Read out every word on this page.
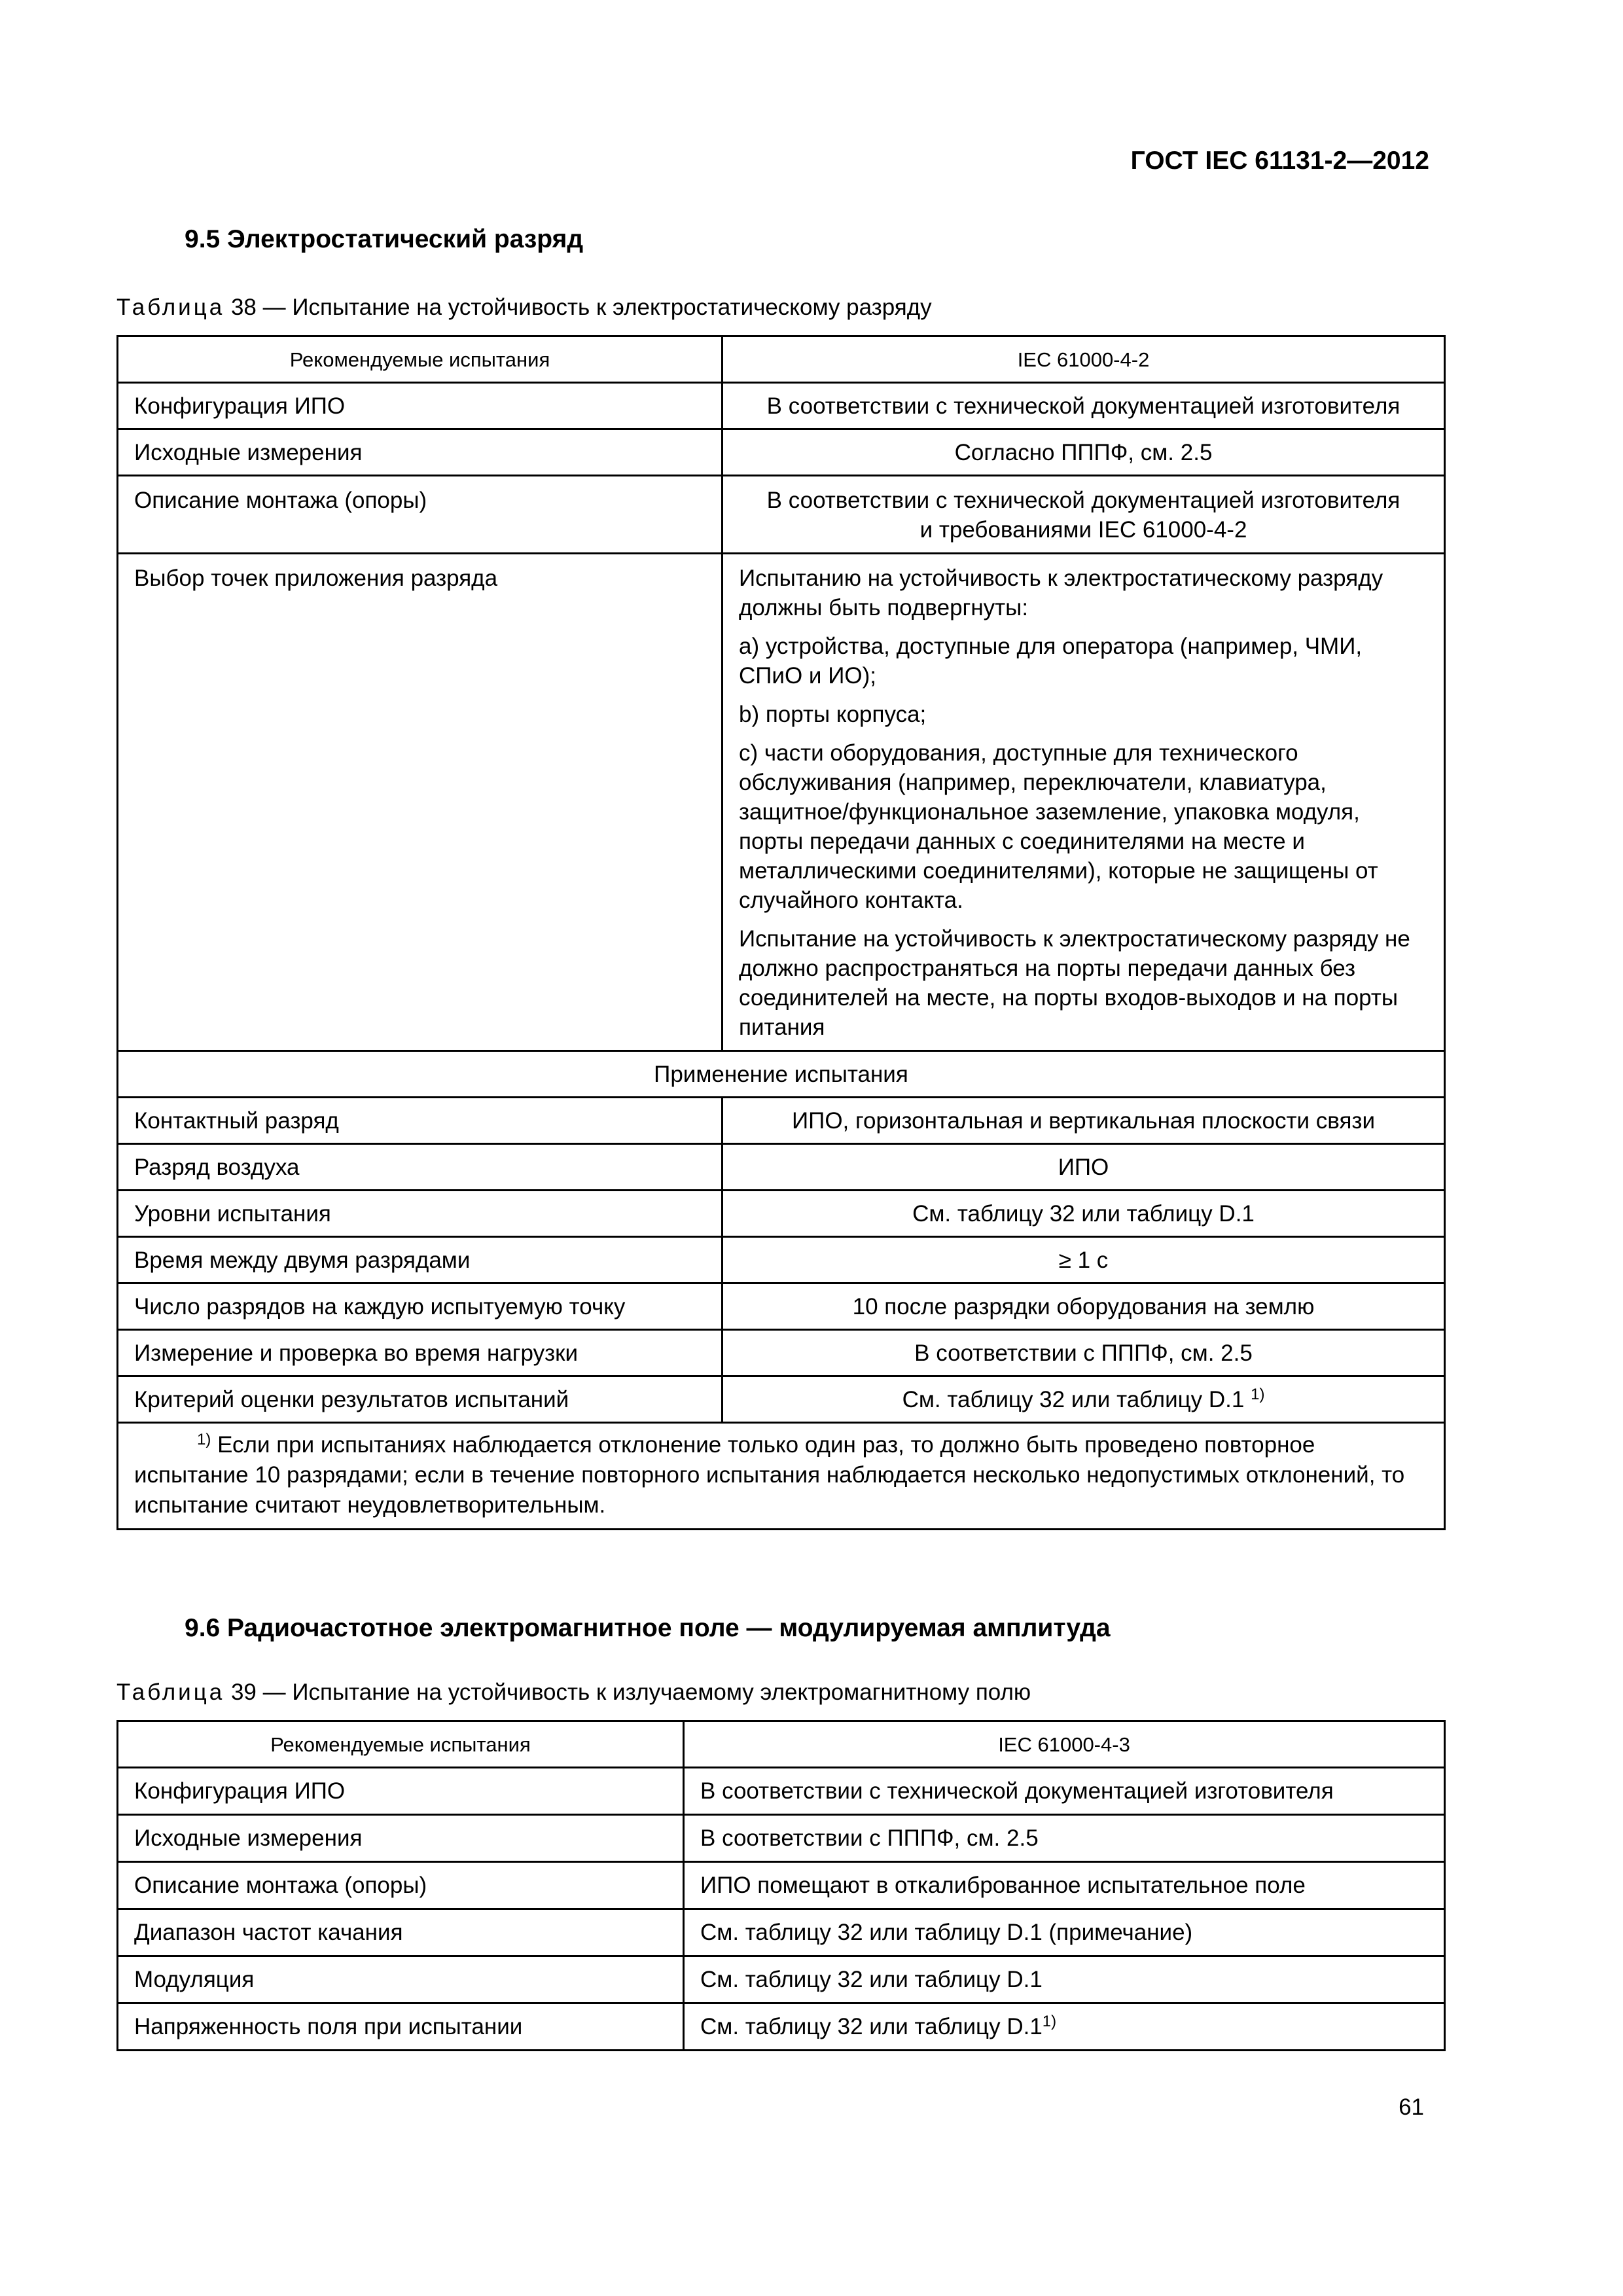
ГОСТ IEC 61131-2—2012
9.5 Электростатический разряд
Таблица 38 — Испытание на устойчивость к электростатическому разряду
Рекомендуемые испытания	IEC 61000-4-2
Конфигурация ИПО	В соответствии с технической документацией изготовителя
Исходные измерения	Согласно ПППФ, см. 2.5
Описание монтажа (опоры)	В соответствии с технической документацией изготовителя
и требованиями IEC 61000-4-2

Выбор точек приложения разряда	Испытанию на устойчивость к электростатическому разряду должны быть подвергнуты:

а) устройства, доступные для оператора (например, ЧМИ, СПиО и ИО);

b) порты корпуса;

с) части оборудования, доступные для технического обслуживания (например, переключатели, клавиатура, защитное/функциональное заземление, упаковка модуля, порты передачи данных с соединителями на месте и металлическими соединителями), которые не защищены от случайного контакта.

Испытание на устойчивость к электростатическому разряду не должно распространяться на порты передачи данных без соединителей на месте, на порты входов-выходов и на порты питания

Применение испытания	
Контактный разряд	ИПО, горизонтальная и вертикальная плоскости связи
Разряд воздуха	ИПО
Уровни испытания	См. таблицу 32 или таблицу D.1
Время между двумя разрядами	≥ 1 с
Число разрядов на каждую испытуемую точку	10 после разрядки оборудования на землю
Измерение и проверка во время нагрузки	В соответствии с ПППФ, см. 2.5
Критерий оценки результатов испытаний	См. таблицу 32 или таблицу D.1 $^{1)}$
$^{1)}$ Если при испытаниях наблюдается отклонение только один раз, то должно быть проведено повторное испытание 10 разрядами; если в течение повторного испытания наблюдается несколько недопустимых отклонений, то испытание считают неудовлетворительным.	
9.6 Радиочастотное электромагнитное поле — модулируемая амплитуда
Таблица 39 — Испытание на устойчивость к излучаемому электромагнитному полю
Рекомендуемые испытания	IEC 61000-4-3
Конфигурация ИПО	В соответствии с технической документацией изготовителя
Исходные измерения	В соответствии с ПППФ, см. 2.5
Описание монтажа (опоры)	ИПО помещают в откалиброванное испытательное поле
Диапазон частот качания	См. таблицу 32 или таблицу D.1 (примечание)
Модуляция	См. таблицу 32 или таблицу D.1
Напряженность поля при испытании	См. таблицу 32 или таблицу D.1$^{1)}$
61
